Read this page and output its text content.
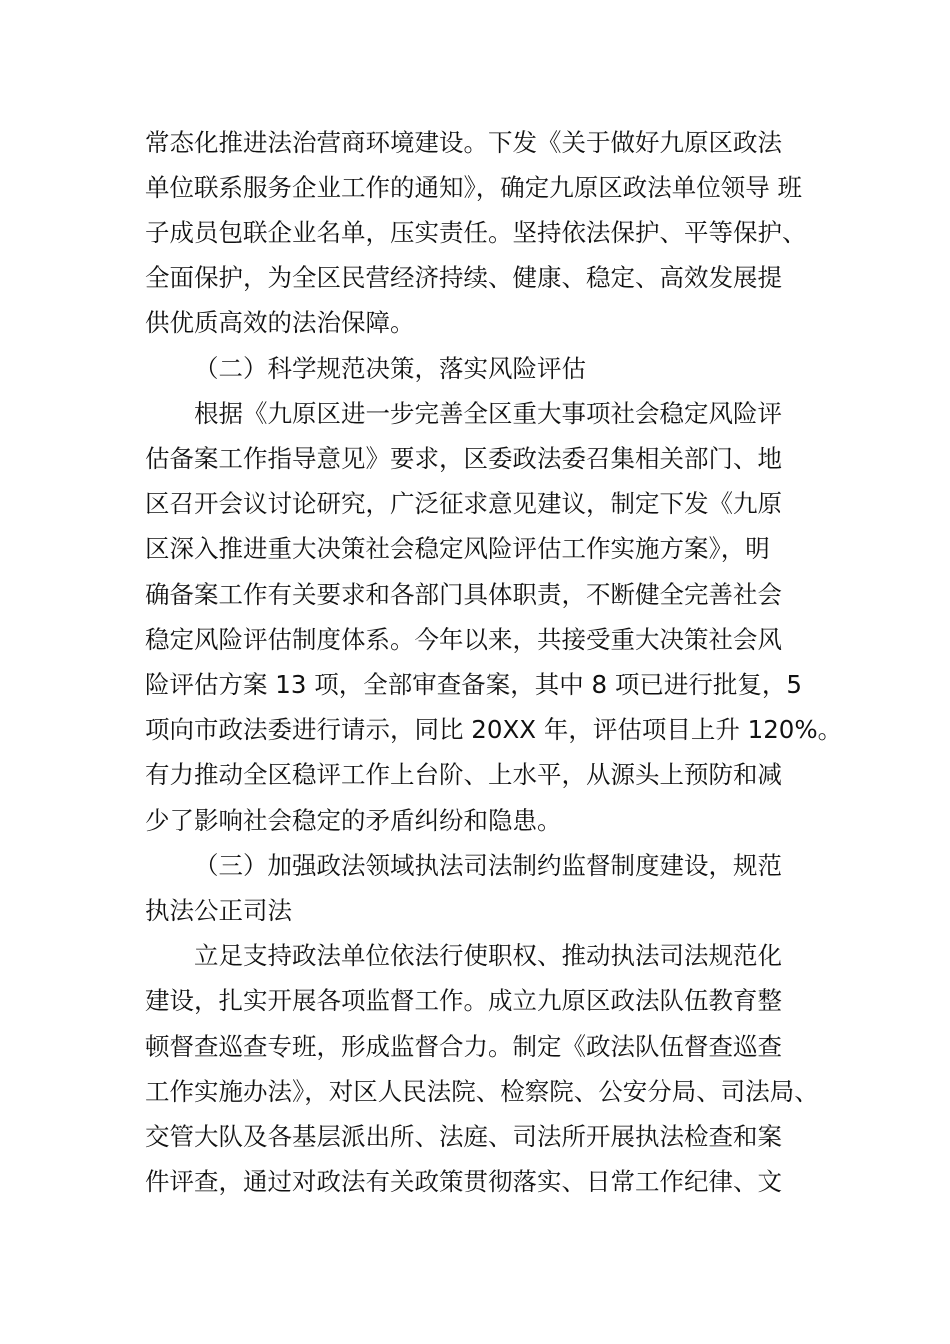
常态化推进法治营商环境建设。下发《关于做好九原区政法
单位联系服务企业工作的通知》，确定九原区政法单位领导 班
子成员包联企业名单，压实责任。坚持依法保护、平等保护、
全面保护，为全区民营经济持续、健康、稳定、高效发展提
供优质高效的法治保障。
（二）科学规范决策，落实风险评估
根据《九原区进一步完善全区重大事项社会稳定风险评
估备案工作指导意见》要求，区委政法委召集相关部门、地
区召开会议讨论研究，广泛征求意见建议，制定下发《九原
区深入推进重大决策社会稳定风险评估工作实施方案》，明
确备案工作有关要求和各部门具体职责，不断健全完善社会
稳定风险评估制度体系。今年以来，共接受重大决策社会风
险评估方案 13 项，全部审查备案，其中 8 项已进行批复，5
项向市政法委进行请示，同比 20XX 年，评估项目上升 120%。
有力推动全区稳评工作上台阶、上水平，从源头上预防和减
少了影响社会稳定的矛盾纠纷和隐患。
（三）加强政法领域执法司法制约监督制度建设，规范
执法公正司法
立足支持政法单位依法行使职权、推动执法司法规范化
建设，扎实开展各项监督工作。成立九原区政法队伍教育整
顿督查巡查专班，形成监督合力。制定《政法队伍督查巡查
工作实施办法》，对区人民法院、检察院、公安分局、司法局、
交管大队及各基层派出所、法庭、司法所开展执法检查和案
件评查，通过对政法有关政策贯彻落实、日常工作纪律、文
